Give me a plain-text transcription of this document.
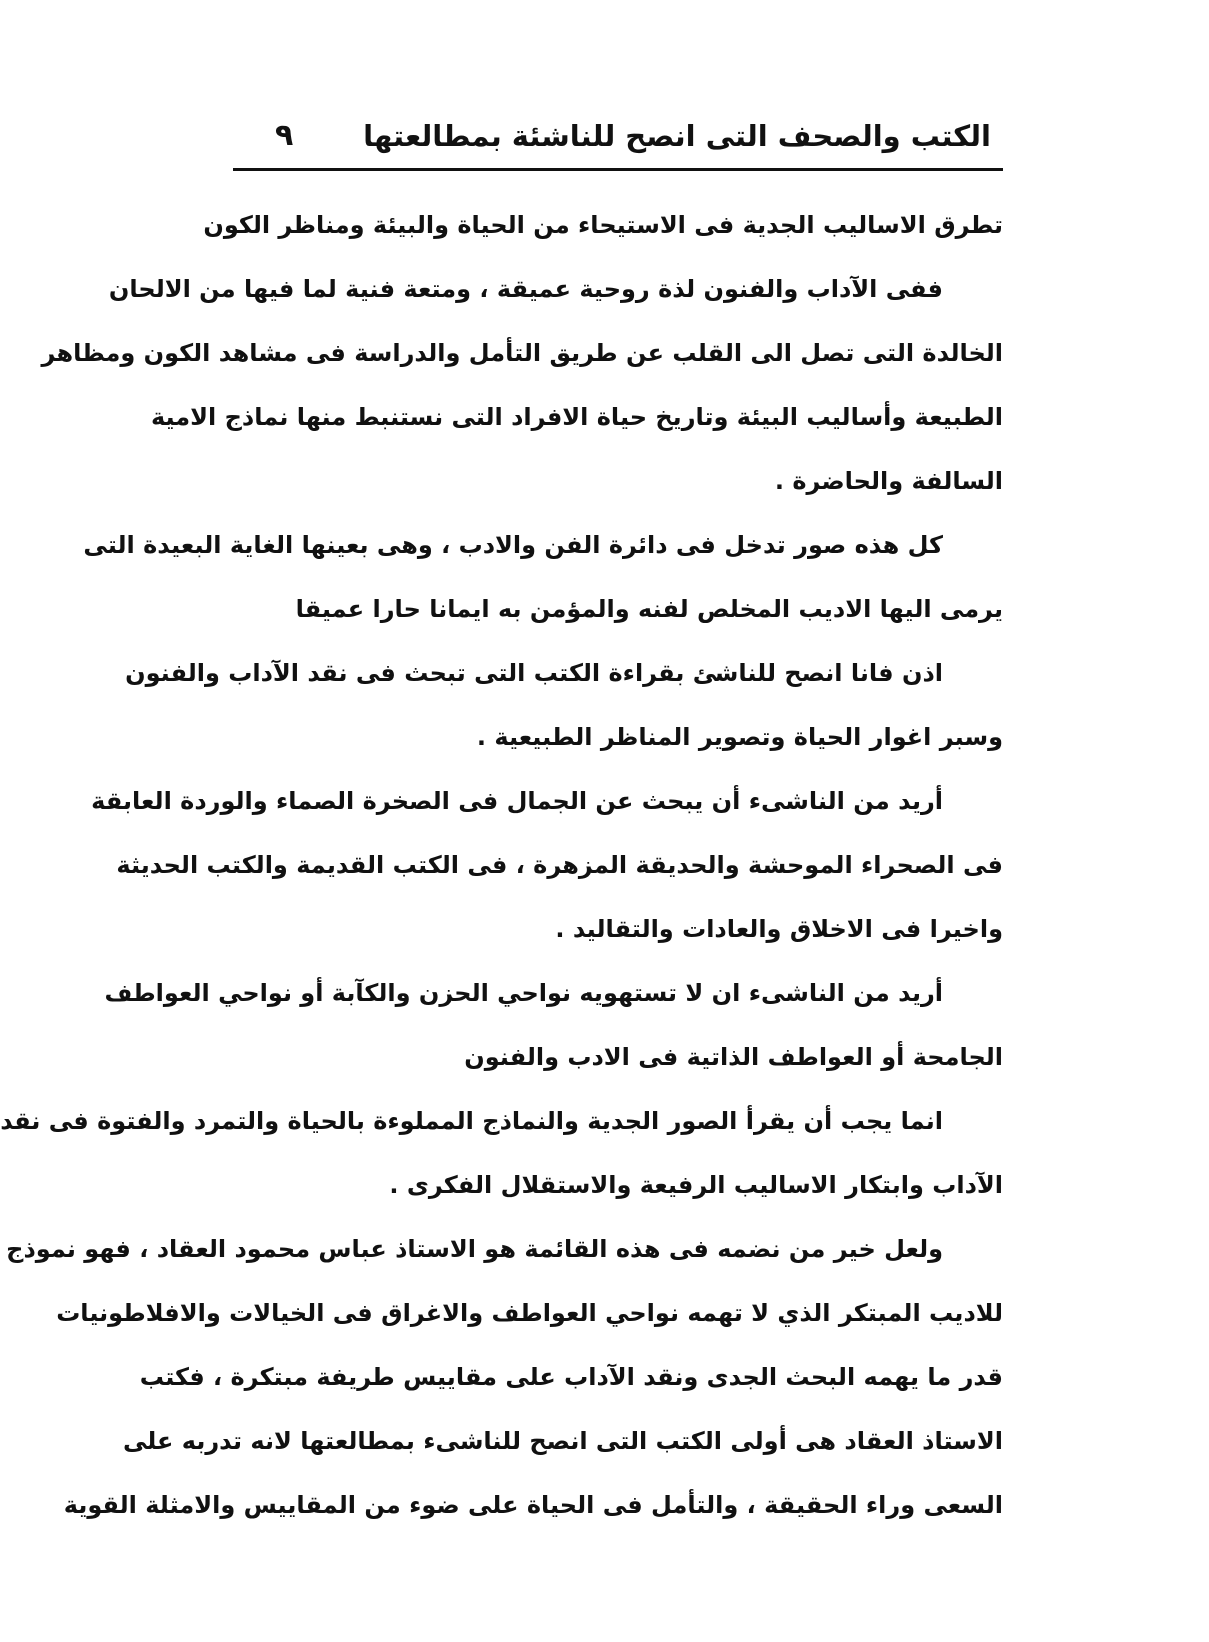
الكتب والصحف التى انصح للناشئة بمطالعتها
٩
تطرق الاساليب الجدية فى الاستيحاء من الحياة والبيئة ومناظر الكون
ففى الآداب والفنون لذة روحية عميقة ، ومتعة فنية لما فيها من الالحان
الخالدة التى تصل الى القلب عن طريق التأمل والدراسة فى مشاهد الكون ومظاهر
الطبيعة وأساليب البيئة وتاريخ حياة الافراد التى نستنبط منها نماذج الامية
السالفة والحاضرة .
كل هذه صور تدخل فى دائرة الفن والادب ، وهى بعينها الغاية البعيدة التى
يرمى اليها الاديب المخلص لفنه والمؤمن به ايمانا حارا عميقا
اذن فانا انصح للناشئ بقراءة الكتب التى تبحث فى نقد الآداب والفنون
وسبر اغوار الحياة وتصوير المناظر الطبيعية .
أريد من الناشىء أن يبحث عن الجمال فى الصخرة الصماء والوردة العابقة
فى الصحراء الموحشة والحديقة المزهرة ، فى الكتب القديمة والكتب الحديثة
واخيرا فى الاخلاق والعادات والتقاليد .
أريد من الناشىء ان لا تستهويه نواحي الحزن والكآبة أو نواحي العواطف
الجامحة أو العواطف الذاتية فى الادب والفنون
انما يجب أن يقرأ الصور الجدية والنماذج المملوءة بالحياة والتمرد والفتوة فى نقد
الآداب وابتكار الاساليب الرفيعة والاستقلال الفكرى .
ولعل خير من نضمه فى هذه القائمة هو الاستاذ عباس محمود العقاد ، فهو نموذج
للاديب المبتكر الذي لا تهمه نواحي العواطف والاغراق فى الخيالات والافلاطونيات
قدر ما يهمه البحث الجدى ونقد الآداب على مقاييس طريفة مبتكرة ، فكتب
الاستاذ العقاد هى أولى الكتب التى انصح للناشىء بمطالعتها لانه تدربه على
السعى وراء الحقيقة ، والتأمل فى الحياة على ضوء من المقاييس والامثلة القوية
